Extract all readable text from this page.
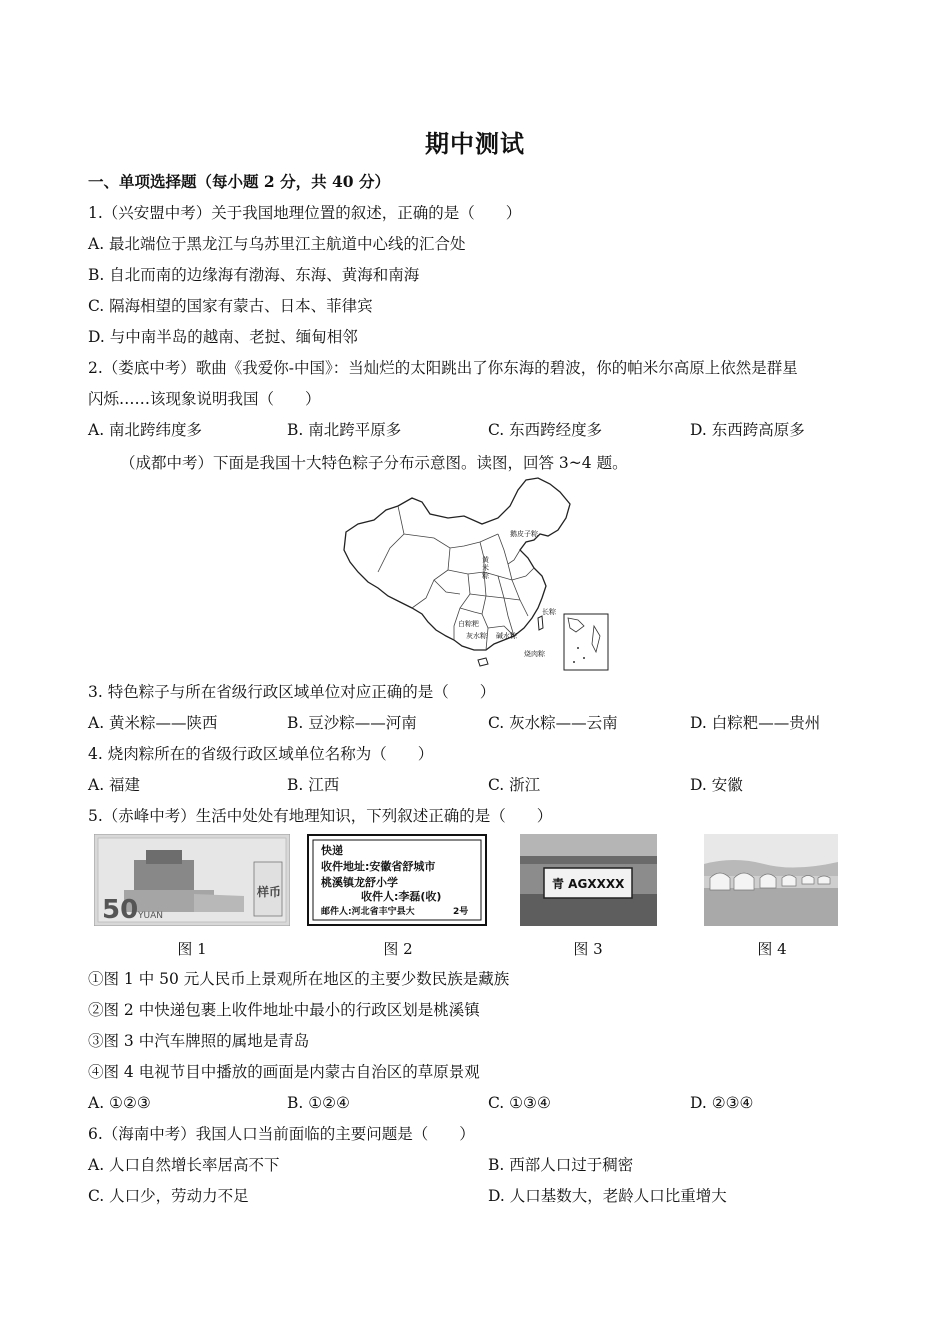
期中测试
一、单项选择题（每小题 2 分，共 40 分）
1.（兴安盟中考）关于我国地理位置的叙述，正确的是（　　）
A. 最北端位于黑龙江与乌苏里江主航道中心线的汇合处
B. 自北而南的边缘海有渤海、东海、黄海和南海
C. 隔海相望的国家有蒙古、日本、菲律宾
D. 与中南半岛的越南、老挝、缅甸相邻
2.（娄底中考）歌曲《我爱你-中国》：当灿烂的太阳跳出了你东海的碧波，你的帕米尔高原上依然是群星
闪烁……该现象说明我国（　　）
A. 南北跨纬度多	B. 南北跨平原多	C. 东西跨经度多	D. 东西跨高原多
（成都中考）下面是我国十大特色粽子分布示意图。读图，回答 3~4 题。
鹅皮子粽
黄
米
粽
长粽
白粽粑
灰水粽 碱水粽
烧肉粽
3. 特色粽子与所在省级行政区域单位对应正确的是（　　）
A. 黄米粽——陕西	B. 豆沙粽——河南	C. 灰水粽——云南	D. 白粽粑——贵州
4. 烧肉粽所在的省级行政区域单位名称为（　　）
A. 福建	B. 江西	C. 浙江	D. 安徽
5.（赤峰中考）生活中处处有地理知识，下列叙述正确的是（　　）
50 YUAN
样币
快递
收件地址:安徽省舒城市
桃溪镇龙舒小学
收件人:李磊(收)
邮件人:河北省丰宁县大	2号
青 AGXXXX
图 1	图 2	图 3	图 4
①图 1 中 50 元人民币上景观所在地区的主要少数民族是藏族
②图 2 中快递包裹上收件地址中最小的行政区划是桃溪镇
③图 3 中汽车牌照的属地是青岛
④图 4 电视节目中播放的画面是内蒙古自治区的草原景观
A. ①②③	B. ①②④	C. ①③④	D. ②③④
6.（海南中考）我国人口当前面临的主要问题是（　　）
A. 人口自然增长率居高不下	B. 西部人口过于稠密
C. 人口少，劳动力不足	D. 人口基数大，老龄人口比重增大
